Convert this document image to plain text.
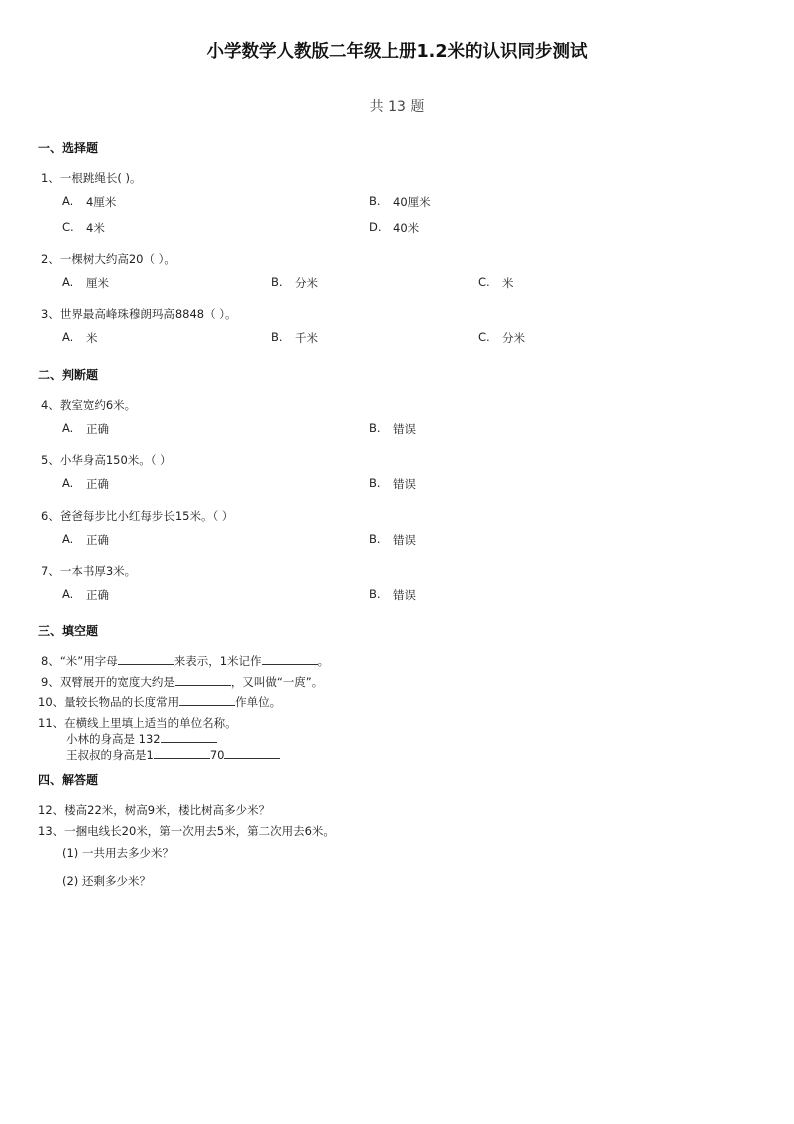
小学数学人教版二年级上册1.2米的认识同步测试
共 13 题
一、选择题
1、一根跳绳长( )。
A.	4厘米	B.	40厘米
C.	4米	D. 40米
2、一棵树大约高20（ ）。
A.	厘米	B.	分米	C.	米
3、世界最高峰珠穆朗玛高8848（ ）。
A.	米	B.	千米	C.	分米
二、判断题
4、教室宽约6米。
A.	正确	B.	错误
5、小华身高150米。（ ）
A.	正确	B.	错误
6、爸爸每步比小红每步长15米。（ ）
A.	正确	B.	错误
7、一本书厚3米。
A.	正确	B.	错误
三、填空题
8、“米”用字母	来表示，1米记作	。
9、双臂展开的宽度大约是	，又叫做“一庹”。
10、量较长物品的长度常用	作单位。
11、在横线上里填上适当的单位名称。
小林的身高是 132
王叔叔的身高是1	70
四、解答题
12、楼高22米，树高9米，楼比树高多少米？
13、一捆电线长20米，第一次用去5米，第二次用去6米。
(1) 一共用去多少米？
(2) 还剩多少米？
